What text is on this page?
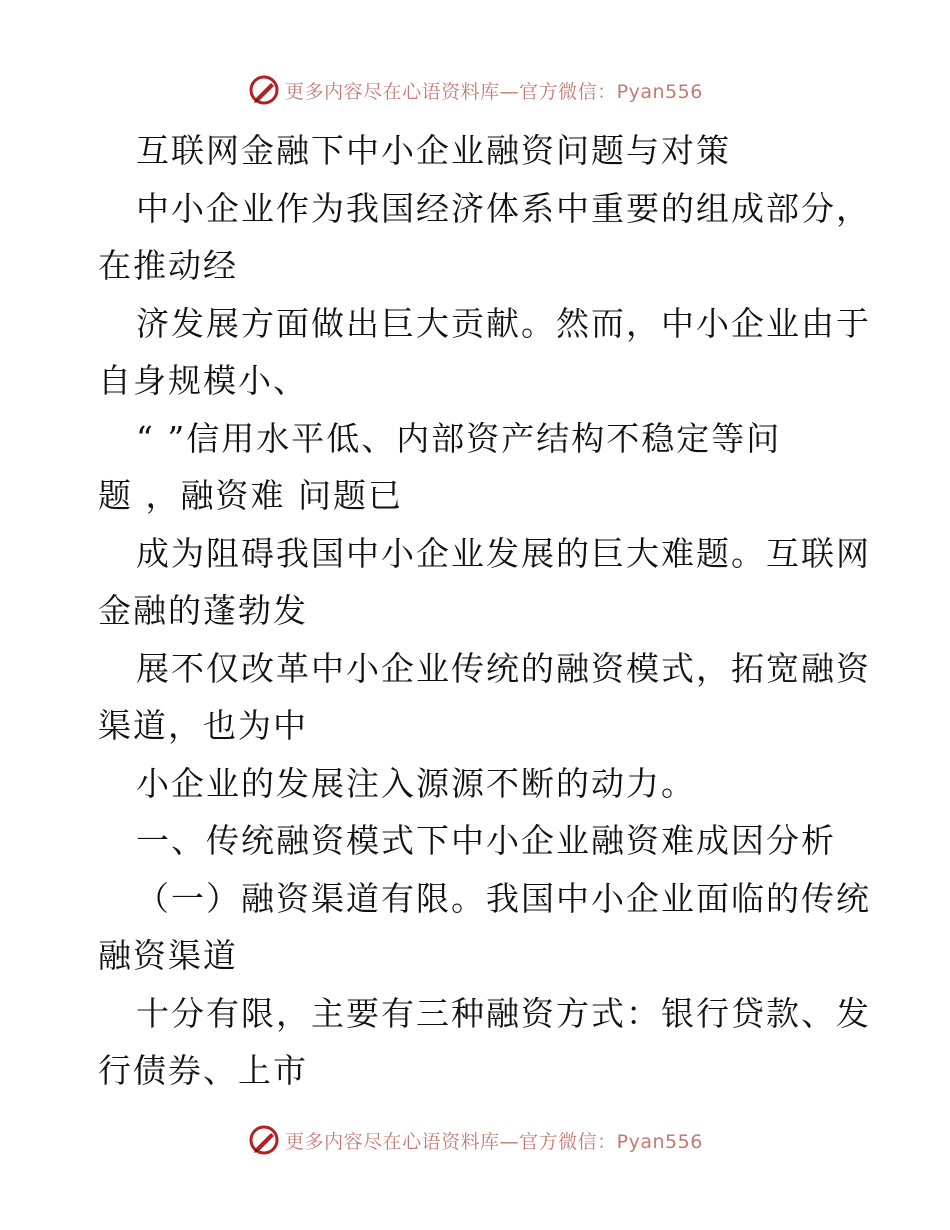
更多内容尽在心语资料库—官方微信：Pyan556
互联网金融下中小企业融资问题与对策
中小企业作为我国经济体系中重要的组成部分，
在推动经
济发展方面做出巨大贡献。然而，中小企业由于
自身规模小、
“ ”信用水平低、内部资产结构不稳定等问
题 ，融资难 问题已
成为阻碍我国中小企业发展的巨大难题。互联网
金融的蓬勃发
展不仅改革中小企业传统的融资模式，拓宽融资
渠道，也为中
小企业的发展注入源源不断的动力。
一、传统融资模式下中小企业融资难成因分析
（一）融资渠道有限。我国中小企业面临的传统
融资渠道
十分有限，主要有三种融资方式：银行贷款、发
行债券、上市
更多内容尽在心语资料库—官方微信：Pyan556
